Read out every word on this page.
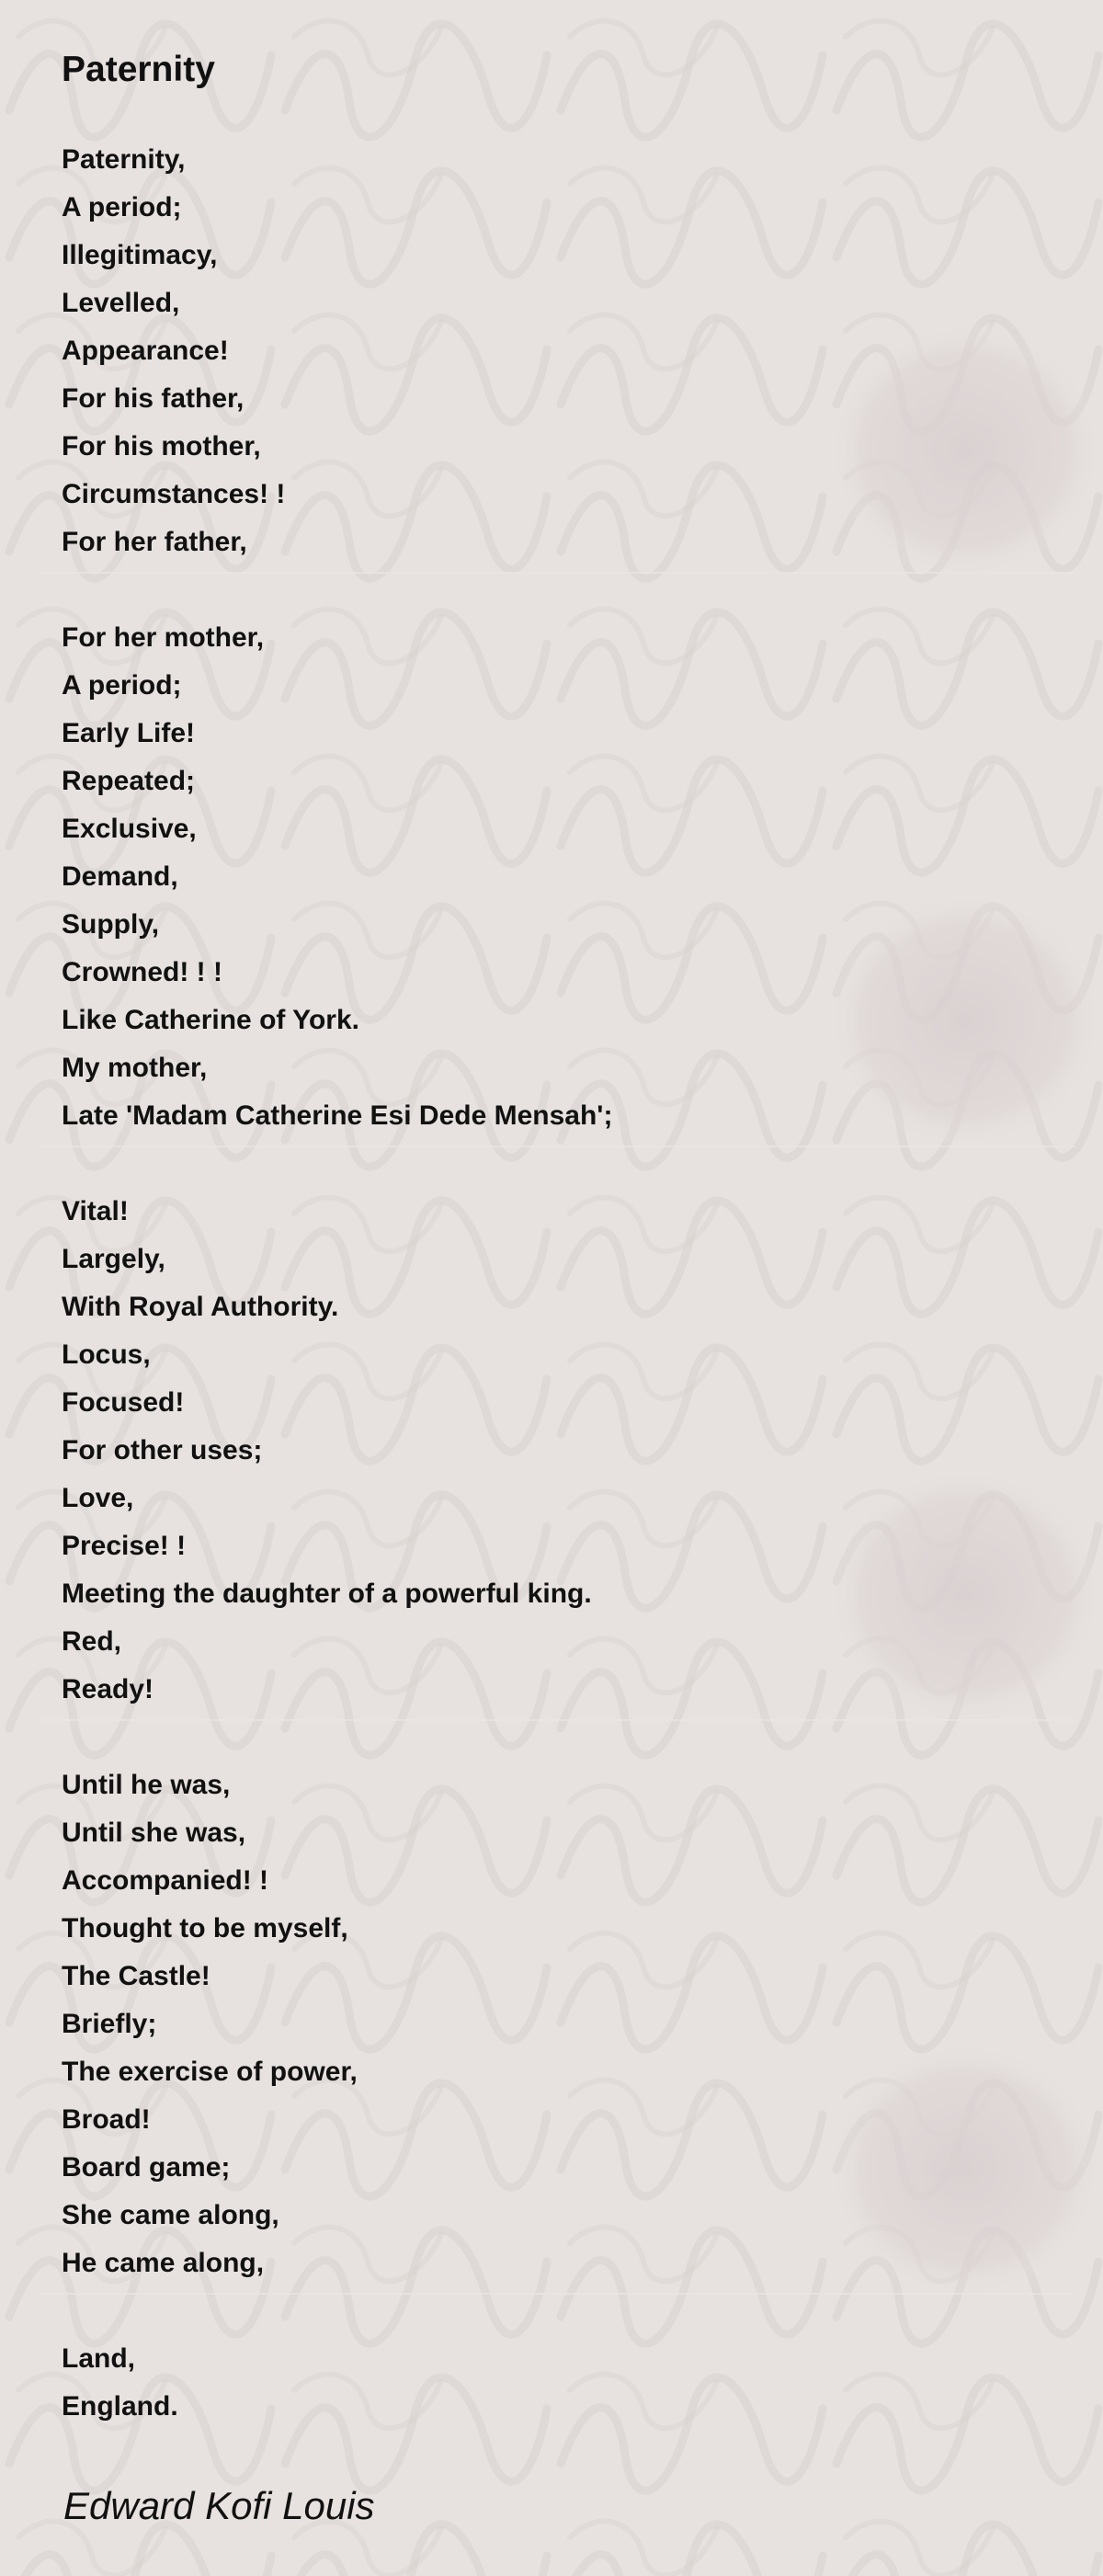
Paternity
Paternity,
A period;
Illegitimacy,
Levelled,
Appearance!
For his father,
For his mother,
Circumstances! !
For her father,
For her mother,
A period;
Early Life!
Repeated;
Exclusive,
Demand,
Supply,
Crowned! ! !
Like Catherine of York.
My mother,
Late 'Madam Catherine Esi Dede Mensah';
Vital!
Largely,
With Royal Authority.
Locus,
Focused!
For other uses;
Love,
Precise! !
Meeting the daughter of a powerful king.
Red,
Ready!
Until he was,
Until she was,
Accompanied! !
Thought to be myself,
The Castle!
Briefly;
The exercise of power,
Broad!
Board game;
She came along,
He came along,
Land,
England.
Edward Kofi Louis
